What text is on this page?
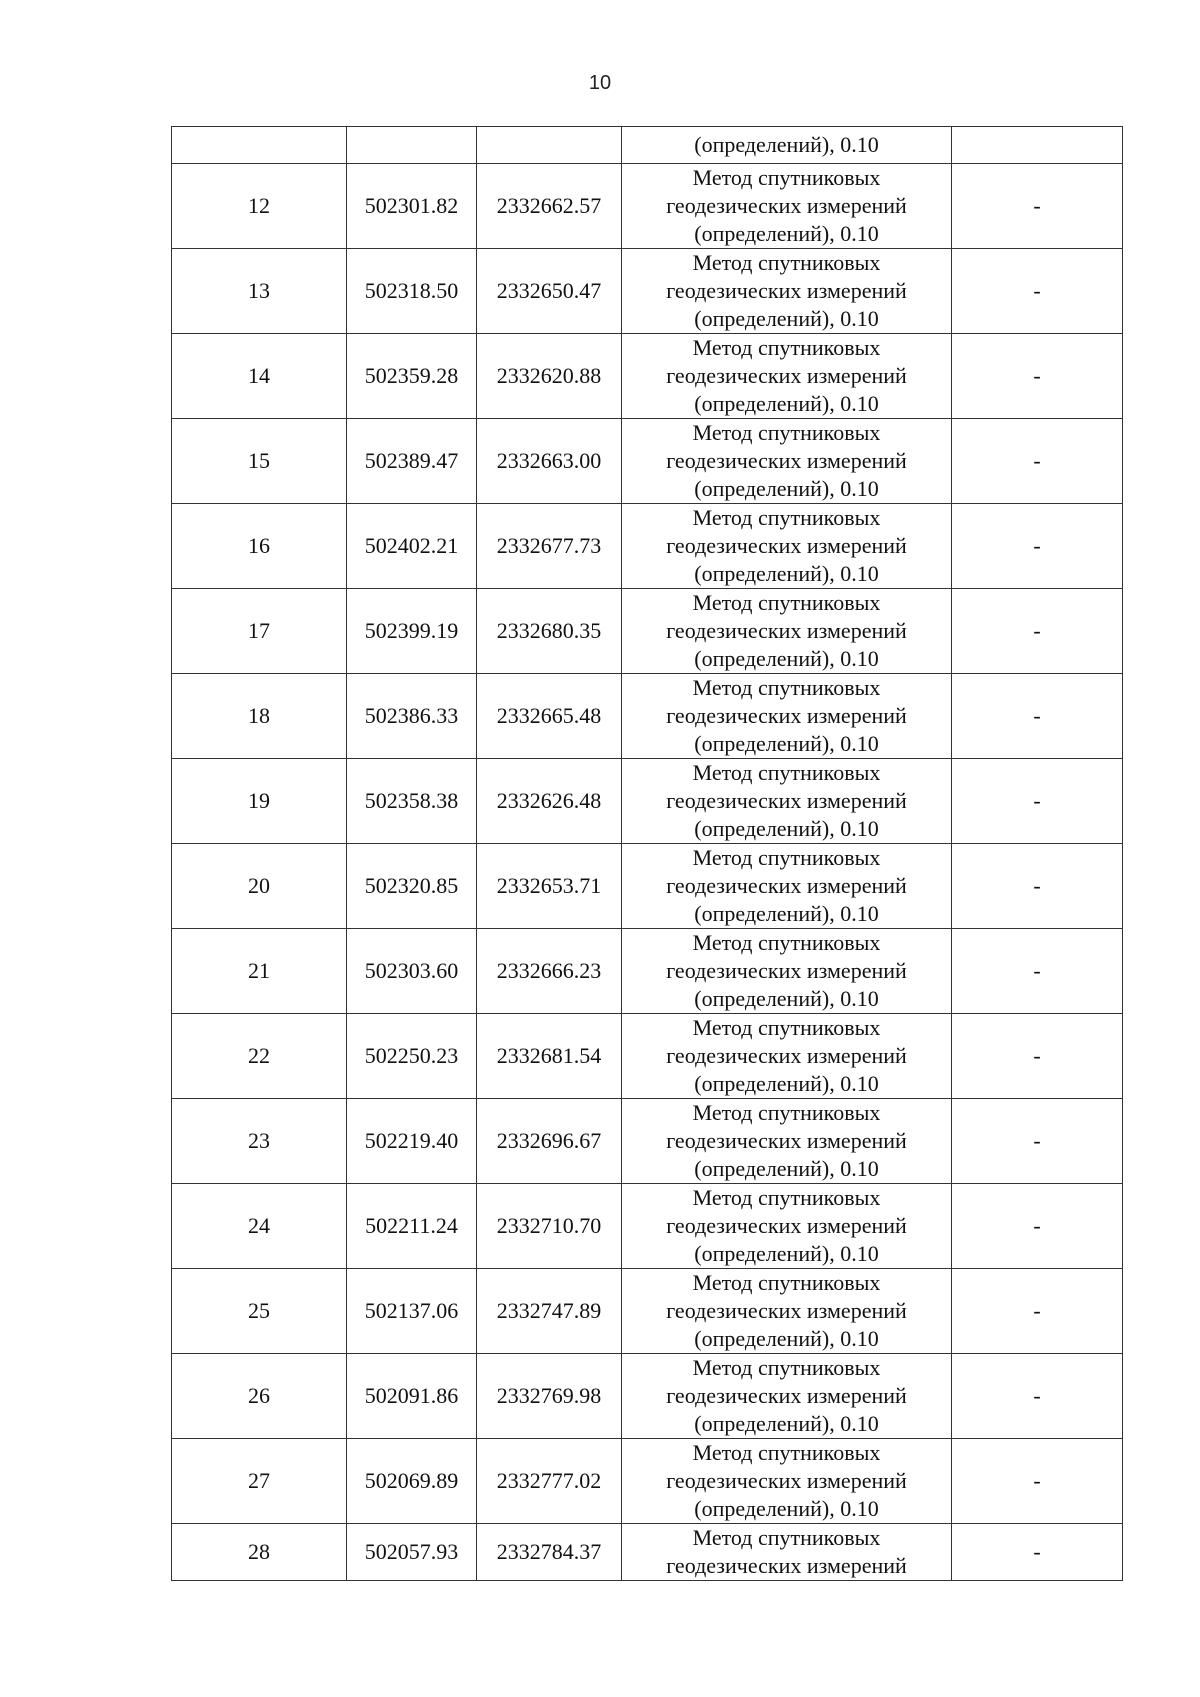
10

			(определений), 0.10	

12	502301.82	2332662.57	Метод спутниковых
геодезических измерений
(определений), 0.10	-
13	502318.50	2332650.47	Метод спутниковых
геодезических измерений
(определений), 0.10	-
14	502359.28	2332620.88	Метод спутниковых
геодезических измерений
(определений), 0.10	-
15	502389.47	2332663.00	Метод спутниковых
геодезических измерений
(определений), 0.10	-
16	502402.21	2332677.73	Метод спутниковых
геодезических измерений
(определений), 0.10	-
17	502399.19	2332680.35	Метод спутниковых
геодезических измерений
(определений), 0.10	-
18	502386.33	2332665.48	Метод спутниковых
геодезических измерений
(определений), 0.10	-
19	502358.38	2332626.48	Метод спутниковых
геодезических измерений
(определений), 0.10	-
20	502320.85	2332653.71	Метод спутниковых
геодезических измерений
(определений), 0.10	-
21	502303.60	2332666.23	Метод спутниковых
геодезических измерений
(определений), 0.10	-
22	502250.23	2332681.54	Метод спутниковых
геодезических измерений
(определений), 0.10	-
23	502219.40	2332696.67	Метод спутниковых
геодезических измерений
(определений), 0.10	-
24	502211.24	2332710.70	Метод спутниковых
геодезических измерений
(определений), 0.10	-
25	502137.06	2332747.89	Метод спутниковых
геодезических измерений
(определений), 0.10	-
26	502091.86	2332769.98	Метод спутниковых
геодезических измерений
(определений), 0.10	-
27	502069.89	2332777.02	Метод спутниковых
геодезических измерений
(определений), 0.10	-
28	502057.93	2332784.37	Метод спутниковых
геодезических измерений	-
